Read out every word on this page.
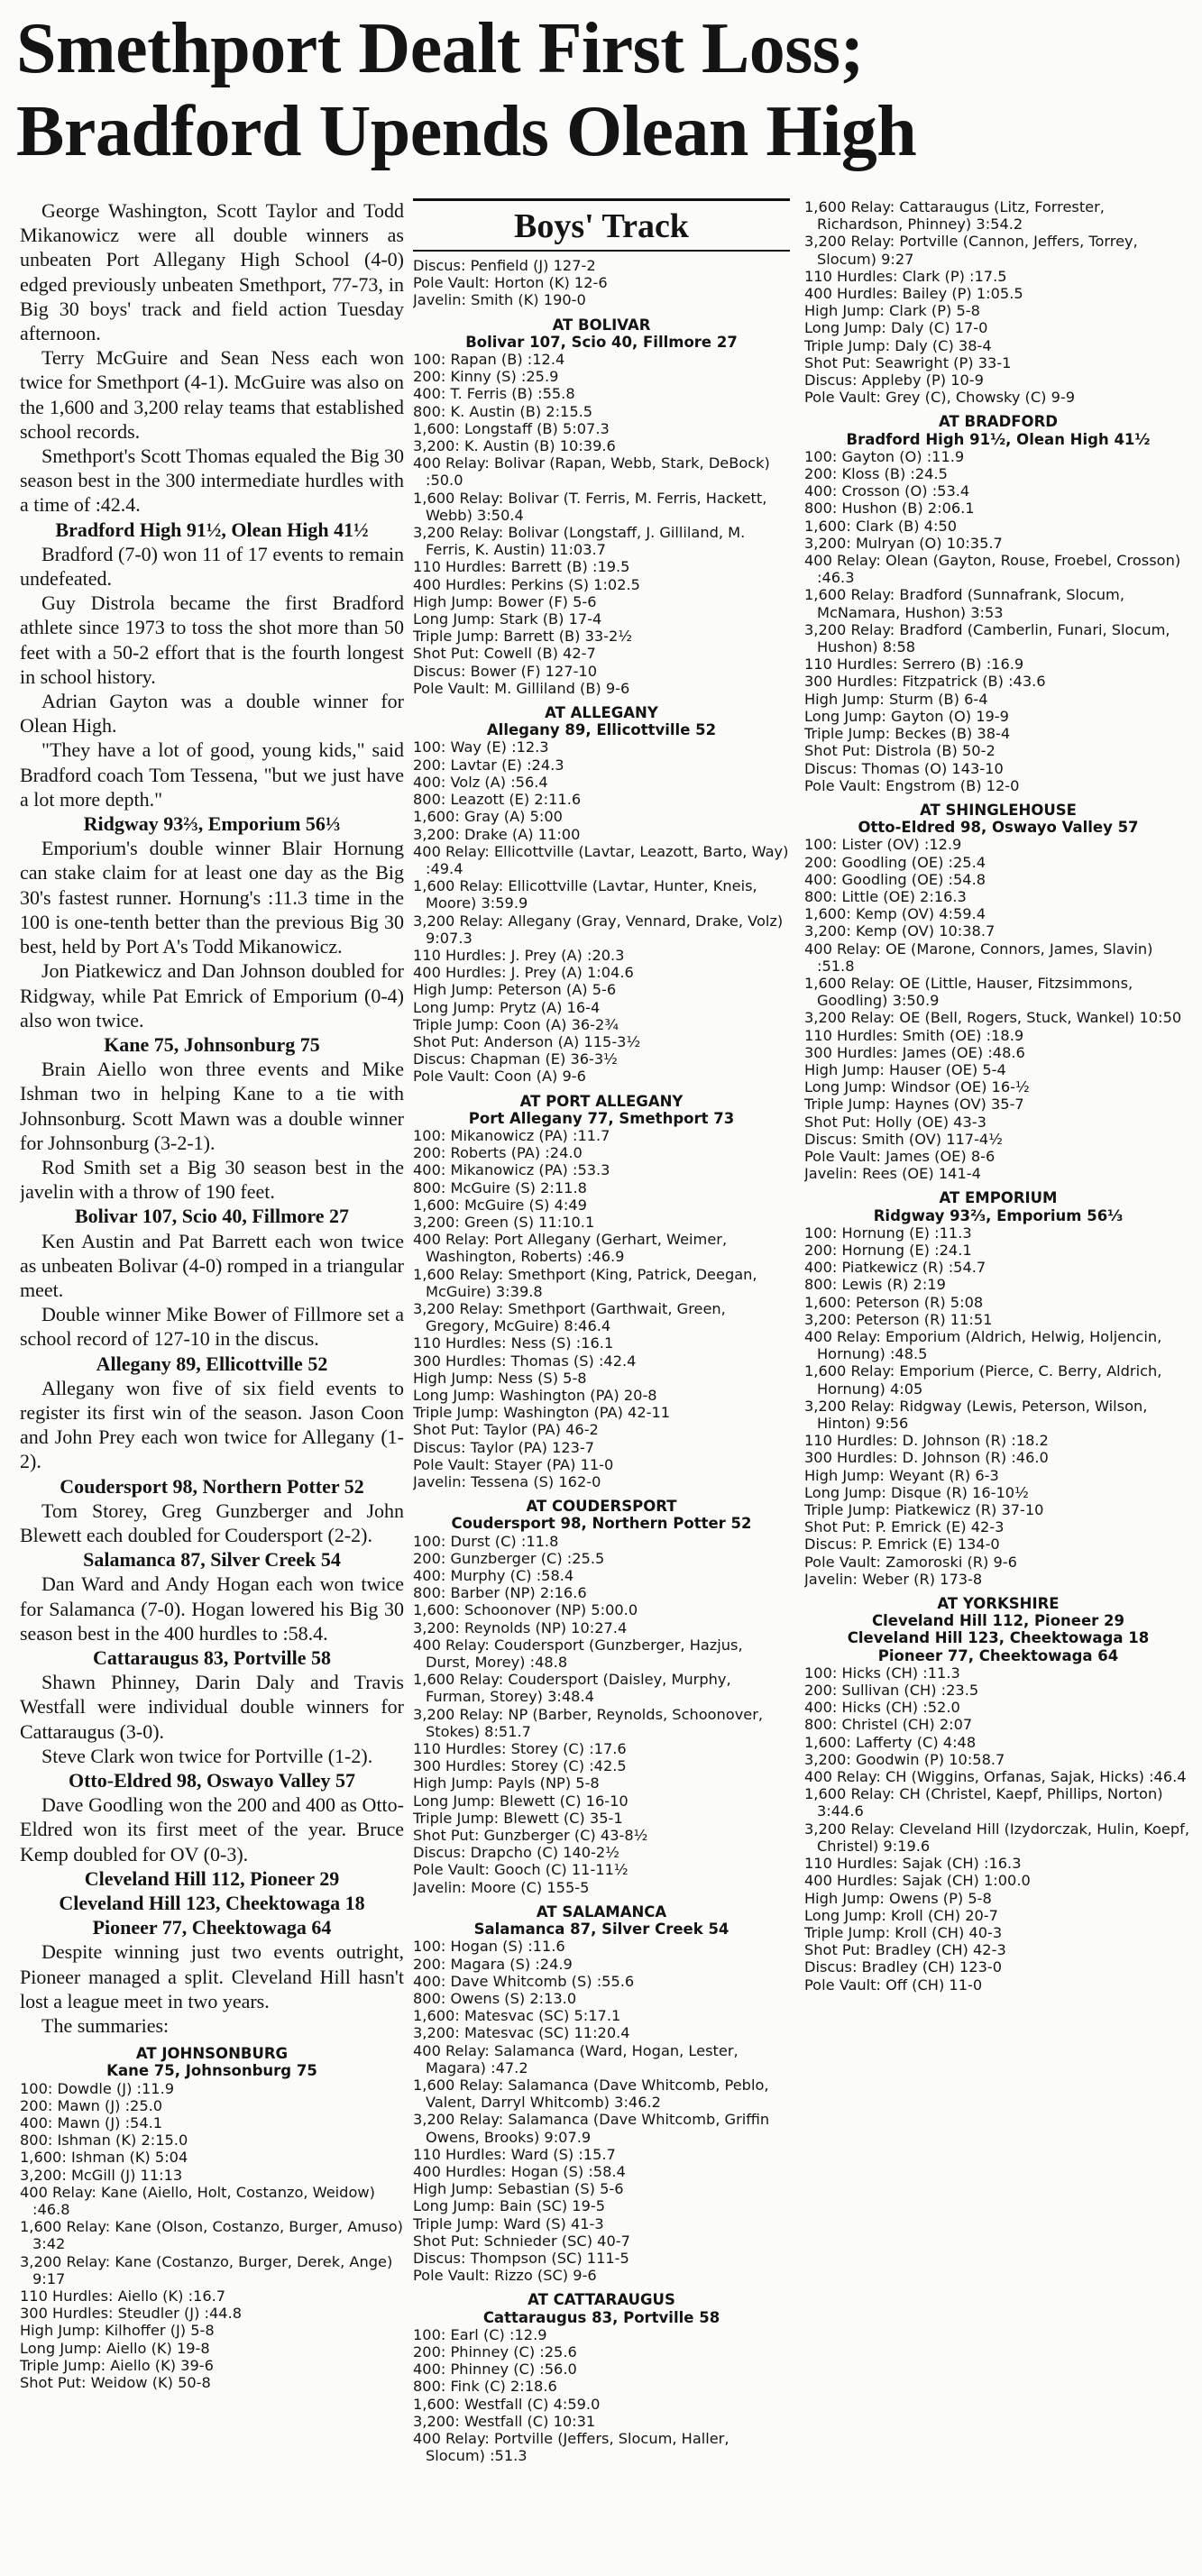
Smethport Dealt First Loss;
Bradford Upends Olean High

George Washington, Scott Taylor and Todd Mikanowicz were all double winners as unbeaten Port Allegany High School (4-0) edged previously unbeaten Smethport, 77-73, in Big 30 boys' track and field action Tuesday afternoon.

Terry McGuire and Sean Ness each won twice for Smethport (4-1). McGuire was also on the 1,600 and 3,200 relay teams that established school records.

Smethport's Scott Thomas equaled the Big 30 season best in the 300 intermediate hurdles with a time of :42.4.

Bradford High 91½, Olean High 41½

Bradford (7-0) won 11 of 17 events to remain undefeated.

Guy Distrola became the first Bradford athlete since 1973 to toss the shot more than 50 feet with a 50-2 effort that is the fourth longest in school history.

Adrian Gayton was a double winner for Olean High.

"They have a lot of good, young kids," said Bradford coach Tom Tessena, "but we just have a lot more depth."

Ridgway 93⅔, Emporium 56⅓

Emporium's double winner Blair Hornung can stake claim for at least one day as the Big 30's fastest runner. Hornung's :11.3 time in the 100 is one-tenth better than the previous Big 30 best, held by Port A's Todd Mikanowicz.

Jon Piatkewicz and Dan Johnson doubled for Ridgway, while Pat Emrick of Emporium (0-4) also won twice.

Kane 75, Johnsonburg 75

Brain Aiello won three events and Mike Ishman two in helping Kane to a tie with Johnsonburg. Scott Mawn was a double winner for Johnsonburg (3-2-1).

Rod Smith set a Big 30 season best in the javelin with a throw of 190 feet.

Bolivar 107, Scio 40, Fillmore 27

Ken Austin and Pat Barrett each won twice as unbeaten Bolivar (4-0) romped in a triangular meet.

Double winner Mike Bower of Fillmore set a school record of 127-10 in the discus.

Allegany 89, Ellicottville 52

Allegany won five of six field events to register its first win of the season. Jason Coon and John Prey each won twice for Allegany (1-2).

Coudersport 98, Northern Potter 52

Tom Storey, Greg Gunzberger and John Blewett each doubled for Coudersport (2-2).

Salamanca 87, Silver Creek 54

Dan Ward and Andy Hogan each won twice for Salamanca (7-0). Hogan lowered his Big 30 season best in the 400 hurdles to :58.4.

Cattaraugus 83, Portville 58

Shawn Phinney, Darin Daly and Travis Westfall were individual double winners for Cattaraugus (3-0).

Steve Clark won twice for Portville (1-2).

Otto-Eldred 98, Oswayo Valley 57

Dave Goodling won the 200 and 400 as Otto-Eldred won its first meet of the year. Bruce Kemp doubled for OV (0-3).

Cleveland Hill 112, Pioneer 29

Cleveland Hill 123, Cheektowaga 18

Pioneer 77, Cheektowaga 64

Despite winning just two events outright, Pioneer managed a split. Cleveland Hill hasn't lost a league meet in two years.

The summaries:

AT JOHNSONBURG

Kane 75, Johnsonburg 75

100: Dowdle (J) :11.9

200: Mawn (J) :25.0

400: Mawn (J) :54.1

800: Ishman (K) 2:15.0

1,600: Ishman (K) 5:04

3,200: McGill (J) 11:13

400 Relay: Kane (Aiello, Holt, Costanzo, Weidow) :46.8

1,600 Relay: Kane (Olson, Costanzo, Burger, Amuso) 3:42

3,200 Relay: Kane (Costanzo, Burger, Derek, Ange) 9:17

110 Hurdles: Aiello (K) :16.7

300 Hurdles: Steudler (J) :44.8

High Jump: Kilhoffer (J) 5-8

Long Jump: Aiello (K) 19-8

Triple Jump: Aiello (K) 39-6

Shot Put: Weidow (K) 50-8

Boys' Track

Discus: Penfield (J) 127-2

Pole Vault: Horton (K) 12-6

Javelin: Smith (K) 190-0

AT BOLIVAR

Bolivar 107, Scio 40, Fillmore 27

100: Rapan (B) :12.4

200: Kinny (S) :25.9

400: T. Ferris (B) :55.8

800: K. Austin (B) 2:15.5

1,600: Longstaff (B) 5:07.3

3,200: K. Austin (B) 10:39.6

400 Relay: Bolivar (Rapan, Webb, Stark, DeBock) :50.0

1,600 Relay: Bolivar (T. Ferris, M. Ferris, Hackett, Webb) 3:50.4

3,200 Relay: Bolivar (Longstaff, J. Gilliland, M. Ferris, K. Austin) 11:03.7

110 Hurdles: Barrett (B) :19.5

400 Hurdles: Perkins (S) 1:02.5

High Jump: Bower (F) 5-6

Long Jump: Stark (B) 17-4

Triple Jump: Barrett (B) 33-2½

Shot Put: Cowell (B) 42-7

Discus: Bower (F) 127-10

Pole Vault: M. Gilliland (B) 9-6

AT ALLEGANY

Allegany 89, Ellicottville 52

100: Way (E) :12.3

200: Lavtar (E) :24.3

400: Volz (A) :56.4

800: Leazott (E) 2:11.6

1,600: Gray (A) 5:00

3,200: Drake (A) 11:00

400 Relay: Ellicottville (Lavtar, Leazott, Barto, Way) :49.4

1,600 Relay: Ellicottville (Lavtar, Hunter, Kneis, Moore) 3:59.9

3,200 Relay: Allegany (Gray, Vennard, Drake, Volz) 9:07.3

110 Hurdles: J. Prey (A) :20.3

400 Hurdles: J. Prey (A) 1:04.6

High Jump: Peterson (A) 5-6

Long Jump: Prytz (A) 16-4

Triple Jump: Coon (A) 36-2¾

Shot Put: Anderson (A) 115-3½

Discus: Chapman (E) 36-3½

Pole Vault: Coon (A) 9-6

AT PORT ALLEGANY

Port Allegany 77, Smethport 73

100: Mikanowicz (PA) :11.7

200: Roberts (PA) :24.0

400: Mikanowicz (PA) :53.3

800: McGuire (S) 2:11.8

1,600: McGuire (S) 4:49

3,200: Green (S) 11:10.1

400 Relay: Port Allegany (Gerhart, Weimer, Washington, Roberts) :46.9

1,600 Relay: Smethport (King, Patrick, Deegan, McGuire) 3:39.8

3,200 Relay: Smethport (Garthwait, Green, Gregory, McGuire) 8:46.4

110 Hurdles: Ness (S) :16.1

300 Hurdles: Thomas (S) :42.4

High Jump: Ness (S) 5-8

Long Jump: Washington (PA) 20-8

Triple Jump: Washington (PA) 42-11

Shot Put: Taylor (PA) 46-2

Discus: Taylor (PA) 123-7

Pole Vault: Stayer (PA) 11-0

Javelin: Tessena (S) 162-0

AT COUDERSPORT

Coudersport 98, Northern Potter 52

100: Durst (C) :11.8

200: Gunzberger (C) :25.5

400: Murphy (C) :58.4

800: Barber (NP) 2:16.6

1,600: Schoonover (NP) 5:00.0

3,200: Reynolds (NP) 10:27.4

400 Relay: Coudersport (Gunzberger, Hazjus, Durst, Morey) :48.8

1,600 Relay: Coudersport (Daisley, Murphy, Furman, Storey) 3:48.4

3,200 Relay: NP (Barber, Reynolds, Schoonover, Stokes) 8:51.7

110 Hurdles: Storey (C) :17.6

300 Hurdles: Storey (C) :42.5

High Jump: Payls (NP) 5-8

Long Jump: Blewett (C) 16-10

Triple Jump: Blewett (C) 35-1

Shot Put: Gunzberger (C) 43-8½

Discus: Drapcho (C) 140-2½

Pole Vault: Gooch (C) 11-11½

Javelin: Moore (C) 155-5

AT SALAMANCA

Salamanca 87, Silver Creek 54

100: Hogan (S) :11.6

200: Magara (S) :24.9

400: Dave Whitcomb (S) :55.6

800: Owens (S) 2:13.0

1,600: Matesvac (SC) 5:17.1

3,200: Matesvac (SC) 11:20.4

400 Relay: Salamanca (Ward, Hogan, Lester, Magara) :47.2

1,600 Relay: Salamanca (Dave Whitcomb, Peblo, Valent, Darryl Whitcomb) 3:46.2

3,200 Relay: Salamanca (Dave Whitcomb, Griffin Owens, Brooks) 9:07.9

110 Hurdles: Ward (S) :15.7

400 Hurdles: Hogan (S) :58.4

High Jump: Sebastian (S) 5-6

Long Jump: Bain (SC) 19-5

Triple Jump: Ward (S) 41-3

Shot Put: Schnieder (SC) 40-7

Discus: Thompson (SC) 111-5

Pole Vault: Rizzo (SC) 9-6

AT CATTARAUGUS

Cattaraugus 83, Portville 58

100: Earl (C) :12.9

200: Phinney (C) :25.6

400: Phinney (C) :56.0

800: Fink (C) 2:18.6

1,600: Westfall (C) 4:59.0

3,200: Westfall (C) 10:31

400 Relay: Portville (Jeffers, Slocum, Haller, Slocum) :51.3

1,600 Relay: Cattaraugus (Litz, Forrester, Richardson, Phinney) 3:54.2

3,200 Relay: Portville (Cannon, Jeffers, Torrey, Slocum) 9:27

110 Hurdles: Clark (P) :17.5

400 Hurdles: Bailey (P) 1:05.5

High Jump: Clark (P) 5-8

Long Jump: Daly (C) 17-0

Triple Jump: Daly (C) 38-4

Shot Put: Seawright (P) 33-1

Discus: Appleby (P) 10-9

Pole Vault: Grey (C), Chowsky (C) 9-9

AT BRADFORD

Bradford High 91½, Olean High 41½

100: Gayton (O) :11.9

200: Kloss (B) :24.5

400: Crosson (O) :53.4

800: Hushon (B) 2:06.1

1,600: Clark (B) 4:50

3,200: Mulryan (O) 10:35.7

400 Relay: Olean (Gayton, Rouse, Froebel, Crosson) :46.3

1,600 Relay: Bradford (Sunnafrank, Slocum, McNamara, Hushon) 3:53

3,200 Relay: Bradford (Camberlin, Funari, Slocum, Hushon) 8:58

110 Hurdles: Serrero (B) :16.9

300 Hurdles: Fitzpatrick (B) :43.6

High Jump: Sturm (B) 6-4

Long Jump: Gayton (O) 19-9

Triple Jump: Beckes (B) 38-4

Shot Put: Distrola (B) 50-2

Discus: Thomas (O) 143-10

Pole Vault: Engstrom (B) 12-0

AT SHINGLEHOUSE

Otto-Eldred 98, Oswayo Valley 57

100: Lister (OV) :12.9

200: Goodling (OE) :25.4

400: Goodling (OE) :54.8

800: Little (OE) 2:16.3

1,600: Kemp (OV) 4:59.4

3,200: Kemp (OV) 10:38.7

400 Relay: OE (Marone, Connors, James, Slavin) :51.8

1,600 Relay: OE (Little, Hauser, Fitzsimmons, Goodling) 3:50.9

3,200 Relay: OE (Bell, Rogers, Stuck, Wankel) 10:50

110 Hurdles: Smith (OE) :18.9

300 Hurdles: James (OE) :48.6

High Jump: Hauser (OE) 5-4

Long Jump: Windsor (OE) 16-½

Triple Jump: Haynes (OV) 35-7

Shot Put: Holly (OE) 43-3

Discus: Smith (OV) 117-4½

Pole Vault: James (OE) 8-6

Javelin: Rees (OE) 141-4

AT EMPORIUM

Ridgway 93⅔, Emporium 56⅓

100: Hornung (E) :11.3

200: Hornung (E) :24.1

400: Piatkewicz (R) :54.7

800: Lewis (R) 2:19

1,600: Peterson (R) 5:08

3,200: Peterson (R) 11:51

400 Relay: Emporium (Aldrich, Helwig, Holjencin, Hornung) :48.5

1,600 Relay: Emporium (Pierce, C. Berry, Aldrich, Hornung) 4:05

3,200 Relay: Ridgway (Lewis, Peterson, Wilson, Hinton) 9:56

110 Hurdles: D. Johnson (R) :18.2

300 Hurdles: D. Johnson (R) :46.0

High Jump: Weyant (R) 6-3

Long Jump: Disque (R) 16-10½

Triple Jump: Piatkewicz (R) 37-10

Shot Put: P. Emrick (E) 42-3

Discus: P. Emrick (E) 134-0

Pole Vault: Zamoroski (R) 9-6

Javelin: Weber (R) 173-8

AT YORKSHIRE

Cleveland Hill 112, Pioneer 29

Cleveland Hill 123, Cheektowaga 18

Pioneer 77, Cheektowaga 64

100: Hicks (CH) :11.3

200: Sullivan (CH) :23.5

400: Hicks (CH) :52.0

800: Christel (CH) 2:07

1,600: Lafferty (C) 4:48

3,200: Goodwin (P) 10:58.7

400 Relay: CH (Wiggins, Orfanas, Sajak, Hicks) :46.4

1,600 Relay: CH (Christel, Kaepf, Phillips, Norton) 3:44.6

3,200 Relay: Cleveland Hill (Izydorczak, Hulin, Koepf, Christel) 9:19.6

110 Hurdles: Sajak (CH) :16.3

400 Hurdles: Sajak (CH) 1:00.0

High Jump: Owens (P) 5-8

Long Jump: Kroll (CH) 20-7

Triple Jump: Kroll (CH) 40-3

Shot Put: Bradley (CH) 42-3

Discus: Bradley (CH) 123-0

Pole Vault: Off (CH) 11-0
